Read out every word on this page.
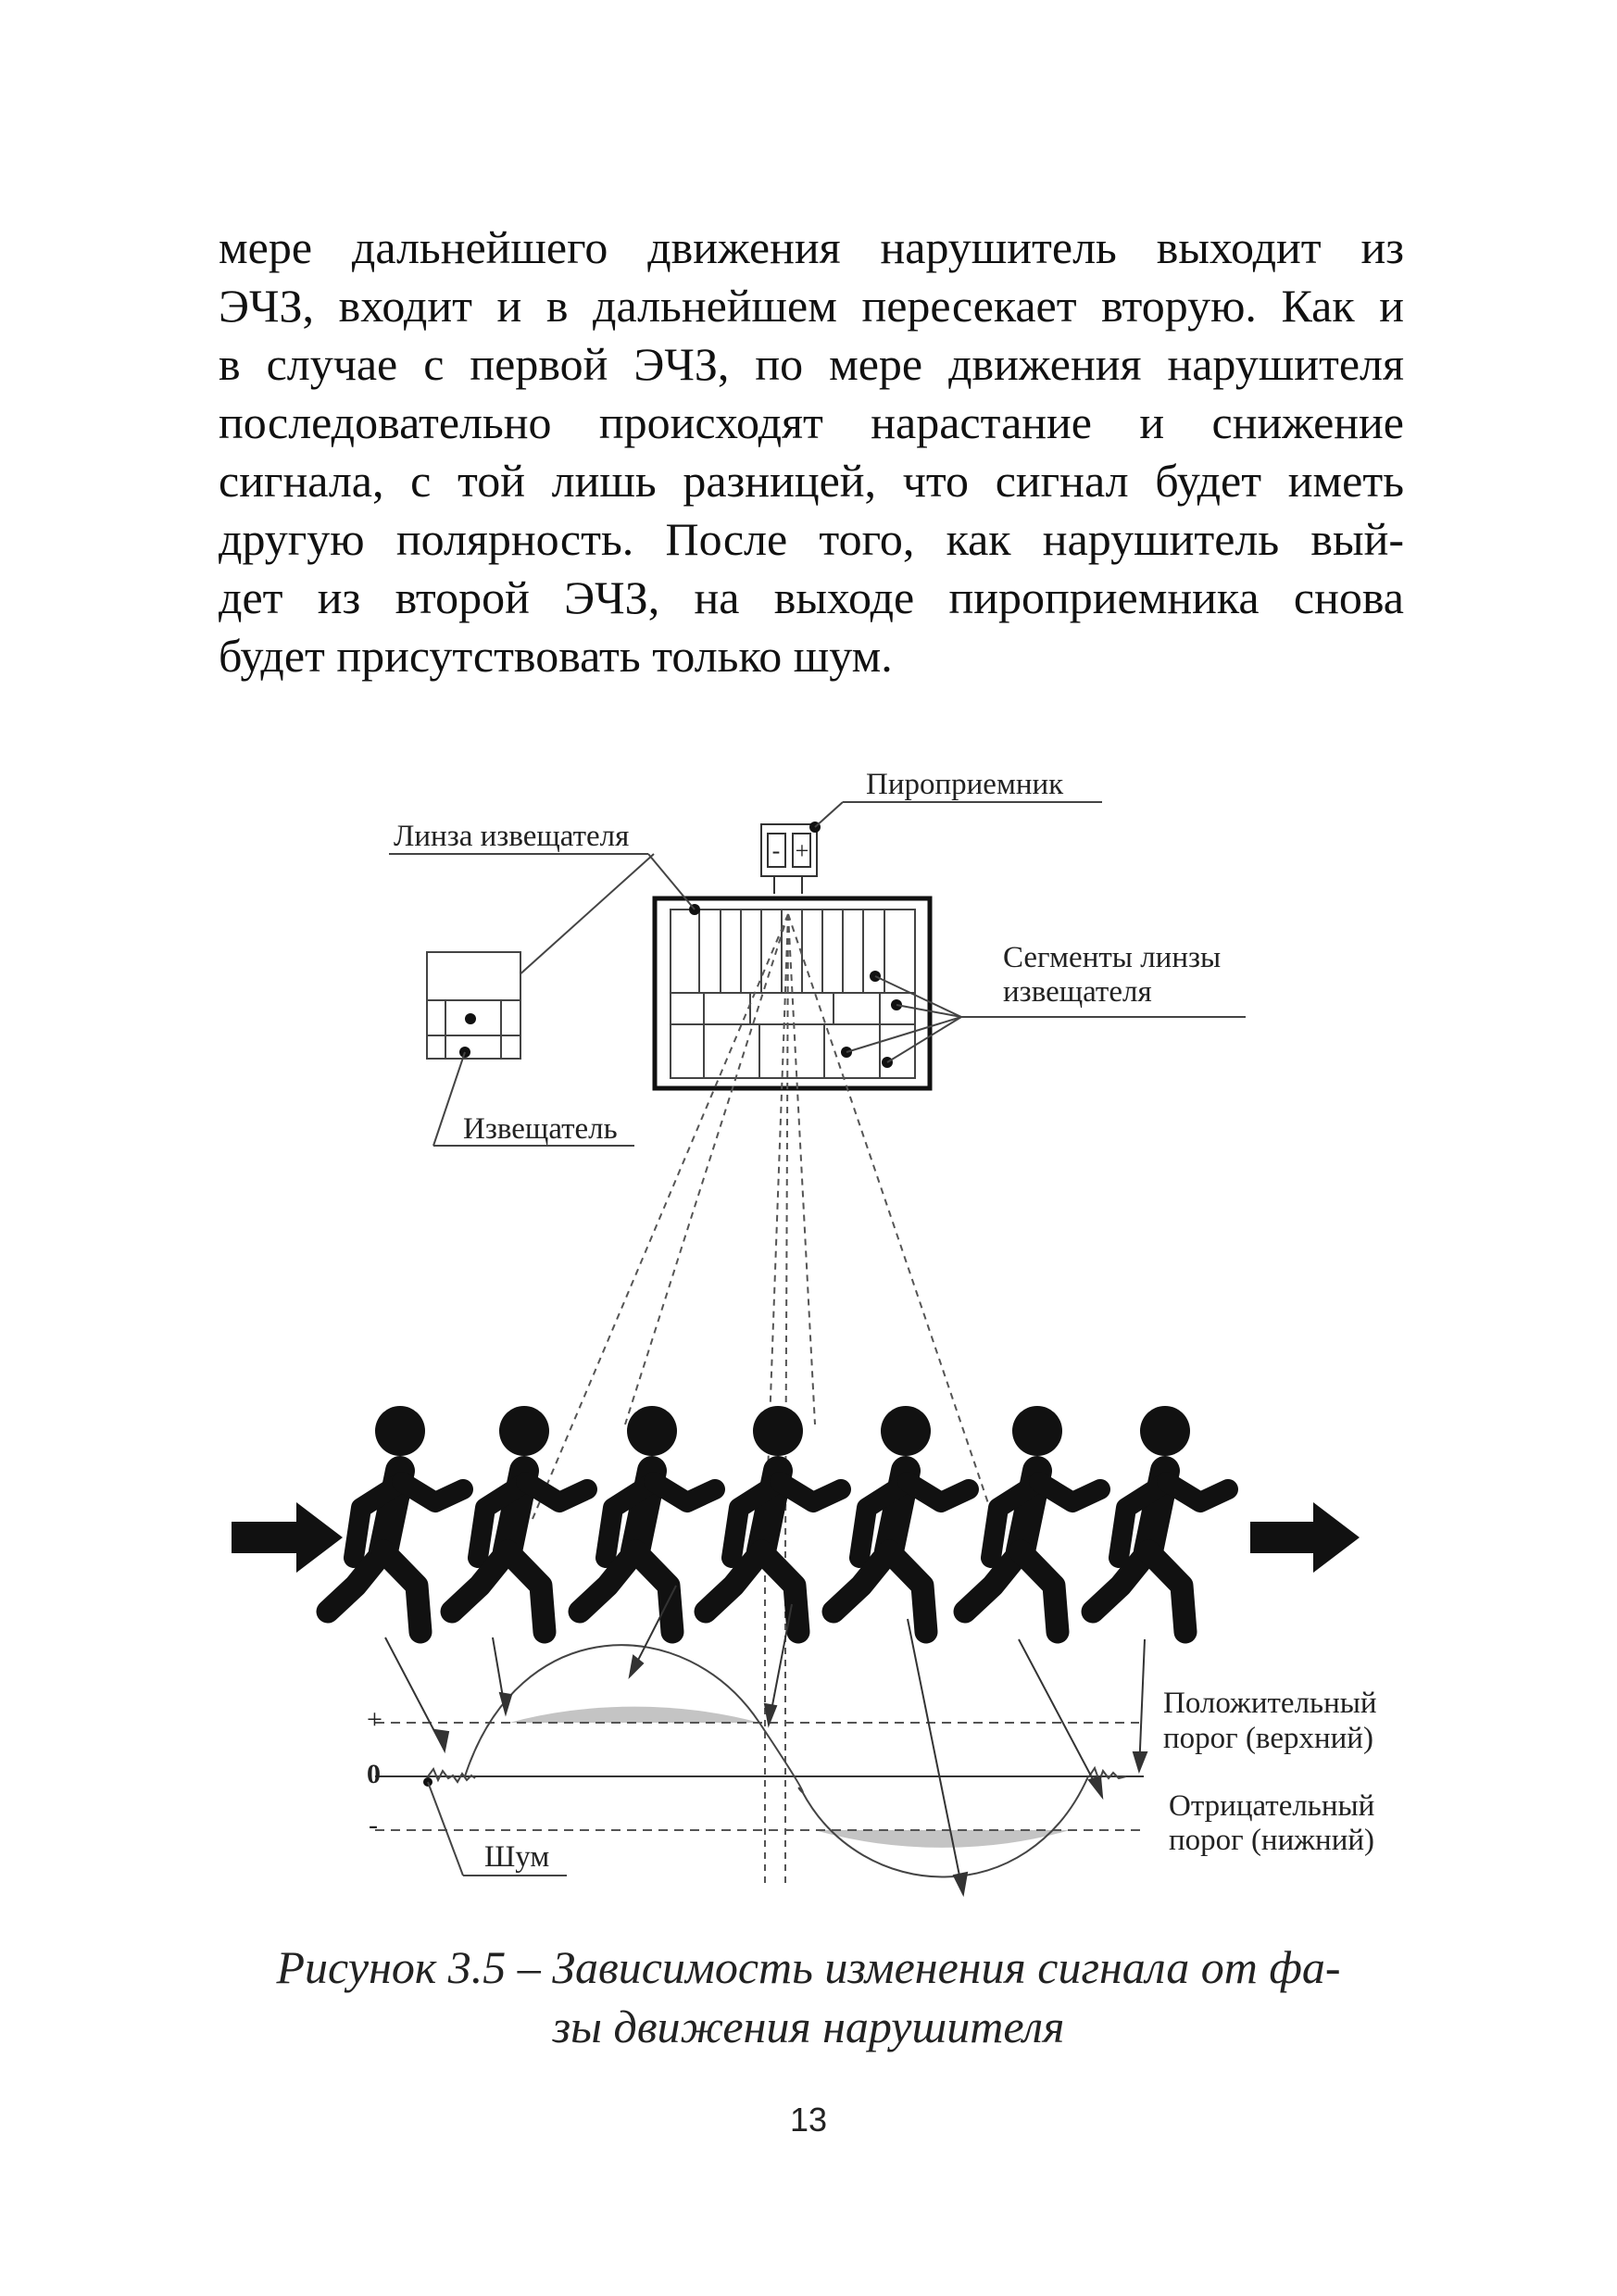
мере дальнейшего движения нарушитель выходит из
ЭЧЗ, входит и в дальнейшем пересекает вторую. Как и
в случае с первой ЭЧЗ, по мере движения нарушителя
последовательно происходят нарастание и снижение
сигнала, с той лишь разницей, что сигнал будет иметь
другую полярность. После того, как нарушитель вый-
дет из второй ЭЧЗ, на выходе пироприемника снова
будет присутствовать только шум.
- +
Пироприемник
Линза извещателя
Сегменты линзы
извещателя
Извещатель
+
0
-
Положительный
порог (верхний)
Отрицательный
порог (нижний)
Шум
Рисунок 3.5 – Зависимость изменения сигнала от фа-
зы движения нарушителя
13
